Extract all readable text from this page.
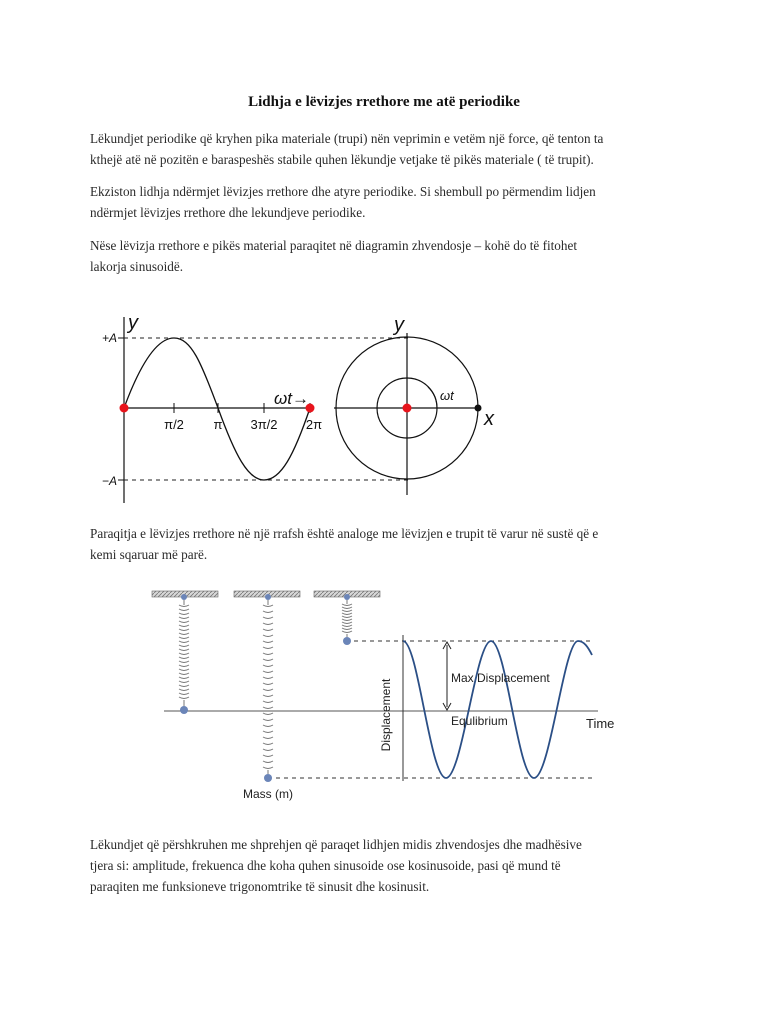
Lidhja e lëvizjes rrethore me atë periodike
Lëkundjet periodike që kryhen pika materiale (trupi) nën veprimin e vetëm një force, që tenton ta
kthejë atë në pozitën e baraspeshës stabile quhen lëkundje vetjake të pikës materiale ( të trupit).
Ekziston lidhja ndërmjet lëvizjes rrethore dhe atyre periodike. Si shembull po përmendim lidjen
ndërmjet lëvizjes rrethore dhe lekundjeve periodike.
Nëse lëvizja rrethore e pikës material paraqitet në diagramin zhvendosje – kohë do të fitohet
lakorja sinusoidë.
y
+A
−A
ωt→
π/2 π 3π/2 2π
y
x
ωt
Paraqitja e lëvizjes rrethore në një rrafsh është analoge me lëvizjen e trupit të varur në sustë që e
kemi sqaruar më parë.
Mass (m)
Max Displacement
Equlibrium	Time
Displacement
Lëkundjet që përshkruhen me shprehjen që paraqet lidhjen midis zhvendosjes dhe madhësive
tjera si: amplitude, frekuenca dhe koha quhen sinusoide ose kosinusoide, pasi që mund të
paraqiten me funksioneve trigonomtrike të sinusit dhe kosinusit.
